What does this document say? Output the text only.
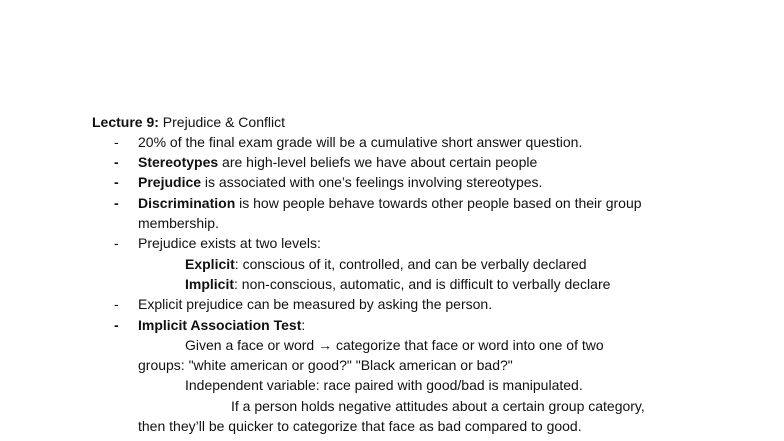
Lecture 9: Prejudice & Conflict
- 20% of the final exam grade will be a cumulative short answer question.
- Stereotypes are high-level beliefs we have about certain people
- Prejudice is associated with one’s feelings involving stereotypes.
- Discrimination is how people behave towards other people based on their group
membership.
- Prejudice exists at two levels:
Explicit: conscious of it, controlled, and can be verbally declared
Implicit: non-conscious, automatic, and is difficult to verbally declare
- Explicit prejudice can be measured by asking the person.
- Implicit Association Test:
Given a face or word → categorize that face or word into one of two
groups: "white american or good?" "Black american or bad?"
Independent variable: race paired with good/bad is manipulated.
If a person holds negative attitudes about a certain group category,
then they’ll be quicker to categorize that face as bad compared to good.
